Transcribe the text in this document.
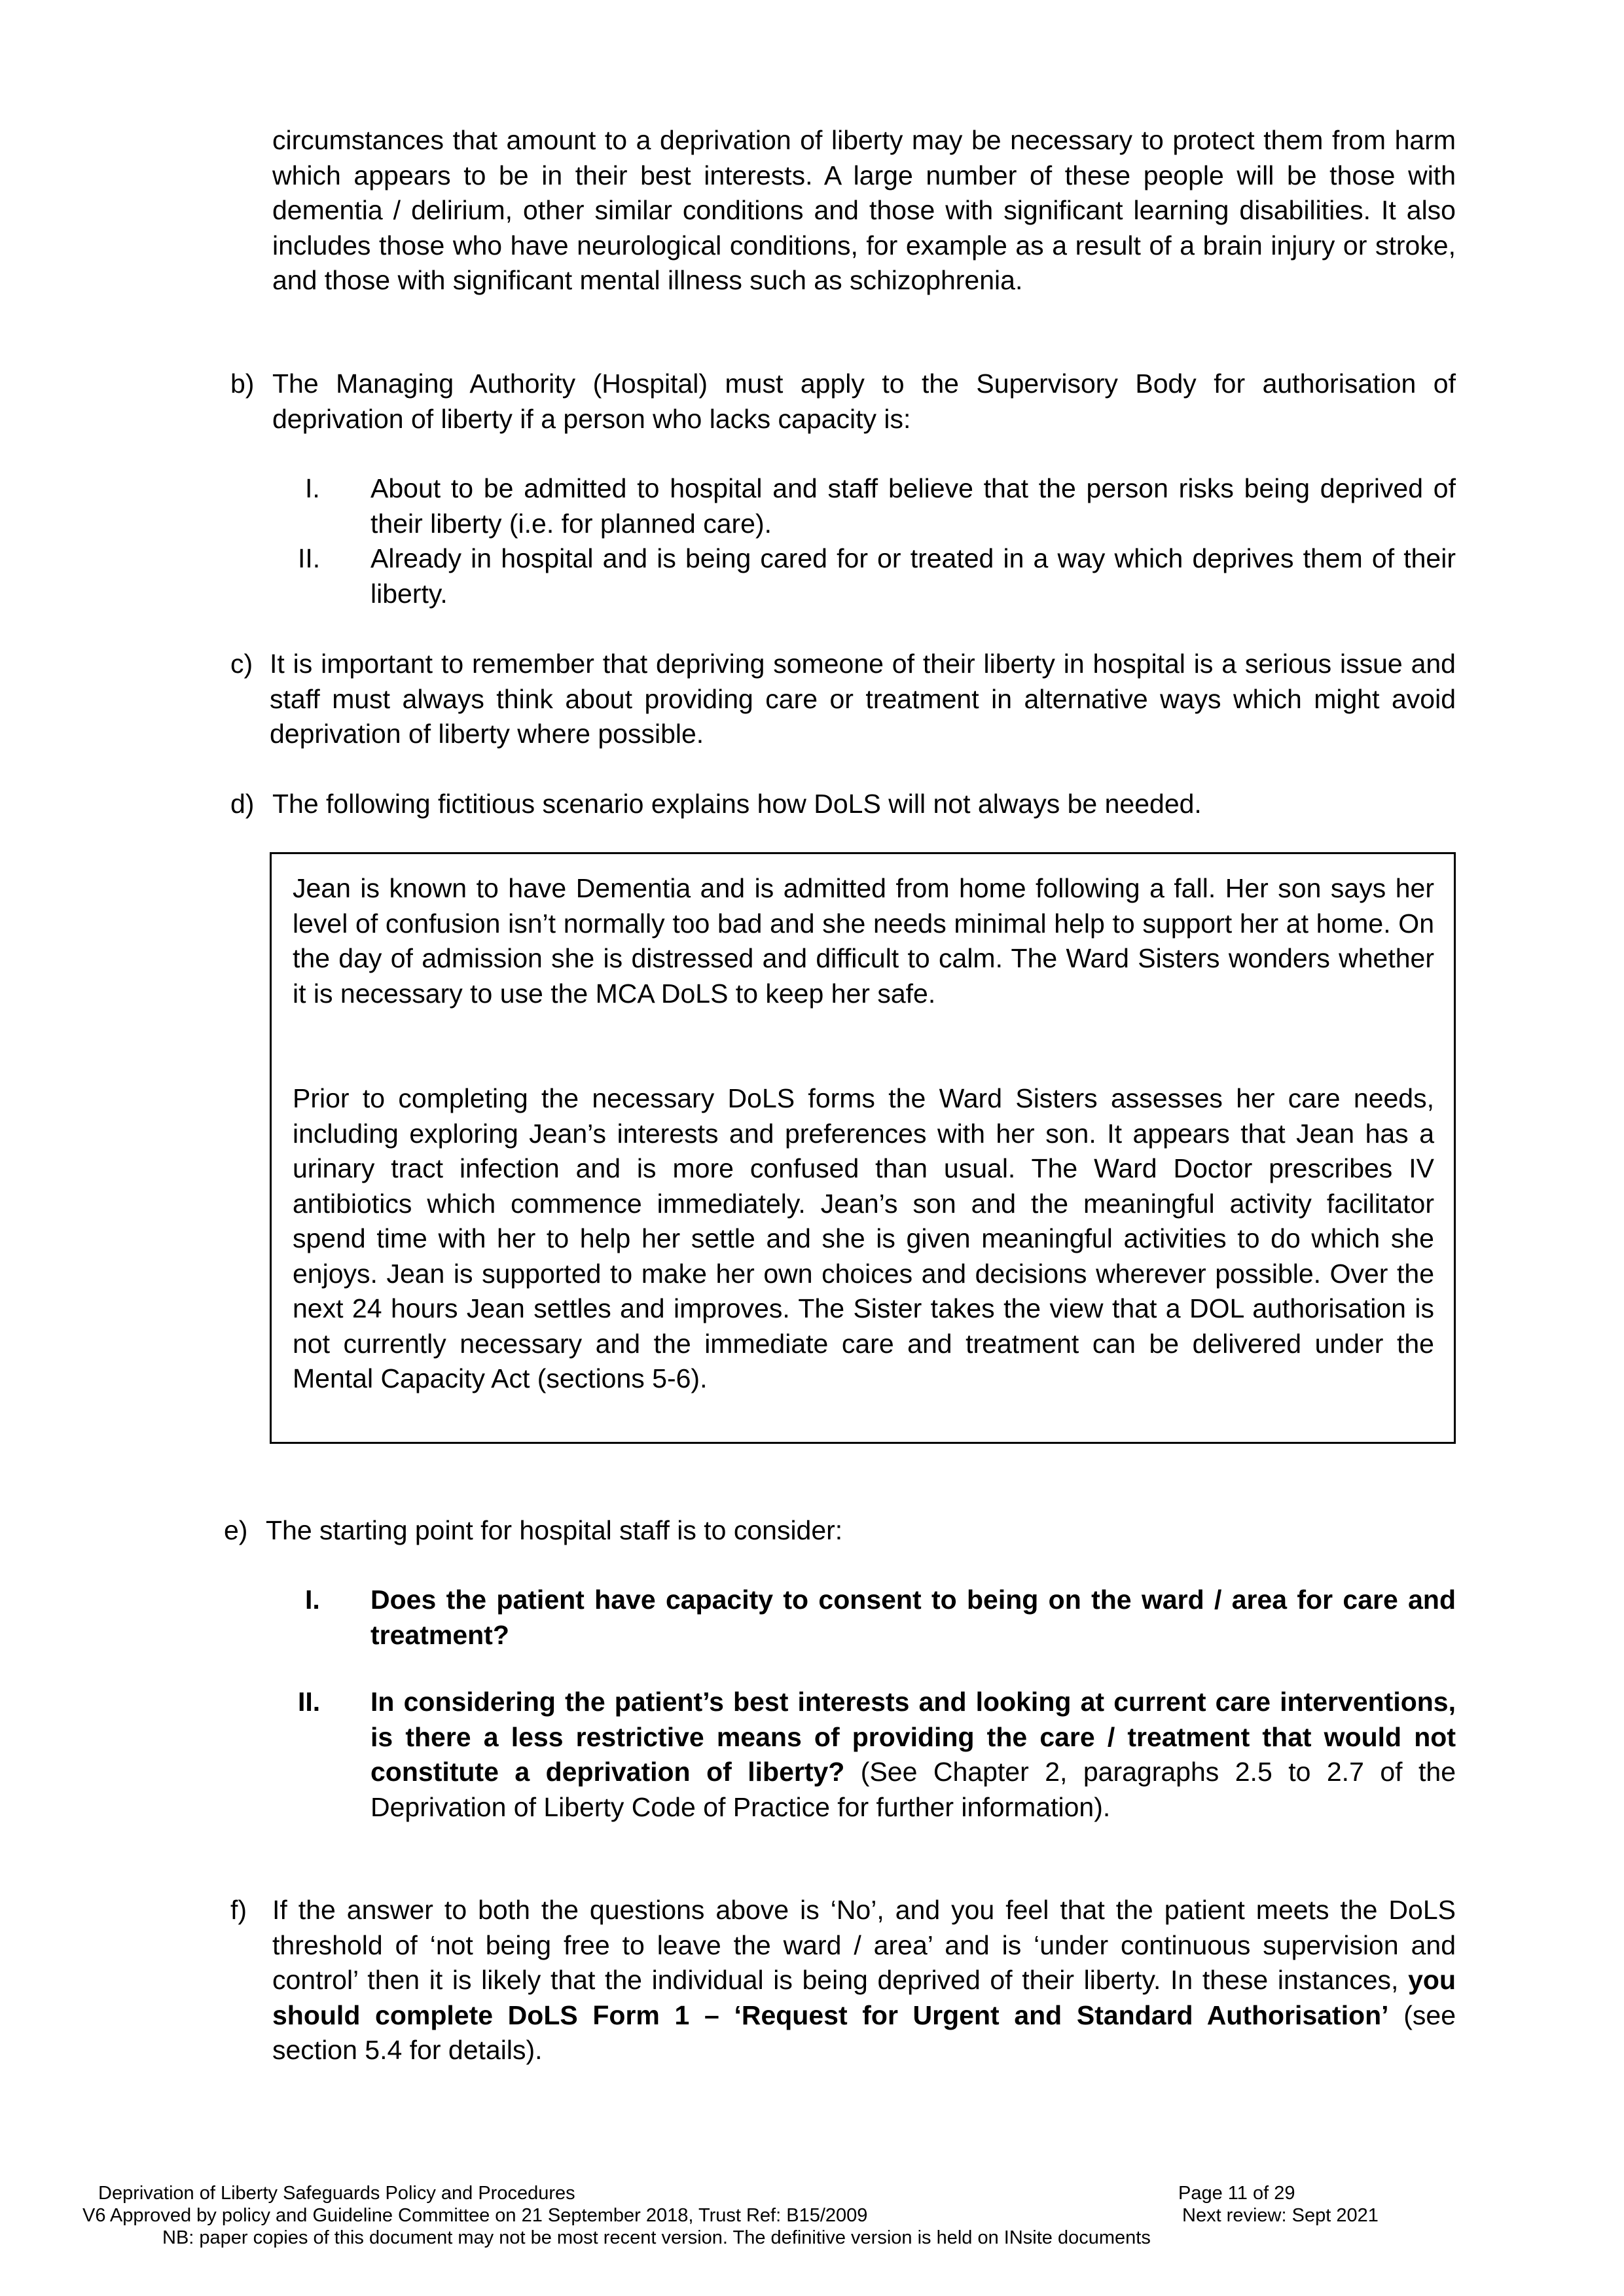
circumstances that amount to a deprivation of liberty may be necessary to protect them from harm which appears to be in their best interests. A large number of these people will be those with dementia / delirium, other similar conditions and those with significant learning disabilities. It also includes those who have neurological conditions, for example as a result of a brain injury or stroke, and those with significant mental illness such as schizophrenia.
b) The Managing Authority (Hospital) must apply to the Supervisory Body for authorisation of deprivation of liberty if a person who lacks capacity is:
I. About to be admitted to hospital and staff believe that the person risks being deprived of their liberty (i.e. for planned care).
II. Already in hospital and is being cared for or treated in a way which deprives them of their liberty.
c) It is important to remember that depriving someone of their liberty in hospital is a serious issue and staff must always think about providing care or treatment in alternative ways which might avoid deprivation of liberty where possible.
d) The following fictitious scenario explains how DoLS will not always be needed.
Jean is known to have Dementia and is admitted from home following a fall. Her son says her level of confusion isn’t normally too bad and she needs minimal help to support her at home. On the day of admission she is distressed and difficult to calm. The Ward Sisters wonders whether it is necessary to use the MCA DoLS to keep her safe.
Prior to completing the necessary DoLS forms the Ward Sisters assesses her care needs, including exploring Jean’s interests and preferences with her son. It appears that Jean has a urinary tract infection and is more confused than usual. The Ward Doctor prescribes IV antibiotics which commence immediately. Jean’s son and the meaningful activity facilitator spend time with her to help her settle and she is given meaningful activities to do which she enjoys. Jean is supported to make her own choices and decisions wherever possible. Over the next 24 hours Jean settles and improves. The Sister takes the view that a DOL authorisation is not currently necessary and the immediate care and treatment can be delivered under the Mental Capacity Act (sections 5-6).
e) The starting point for hospital staff is to consider:
I. Does the patient have capacity to consent to being on the ward / area for care and treatment?
II. In considering the patient’s best interests and looking at current care interventions, is there a less restrictive means of providing the care / treatment that would not constitute a deprivation of liberty? (See Chapter 2, paragraphs 2.5 to 2.7 of the Deprivation of Liberty Code of Practice for further information).
f) If the answer to both the questions above is ‘No’, and you feel that the patient meets the DoLS threshold of ‘not being free to leave the ward / area’ and is ‘under continuous supervision and control’ then it is likely that the individual is being deprived of their liberty. In these instances, you should complete DoLS Form 1 – ‘Request for Urgent and Standard Authorisation’ (see section 5.4 for details).
Deprivation of Liberty Safeguards Policy and Procedures	Page 11 of 29
V6 Approved by policy and Guideline Committee on 21 September 2018, Trust Ref: B15/2009	Next review: Sept 2021
NB: paper copies of this document may not be most recent version. The definitive version is held on INsite documents
